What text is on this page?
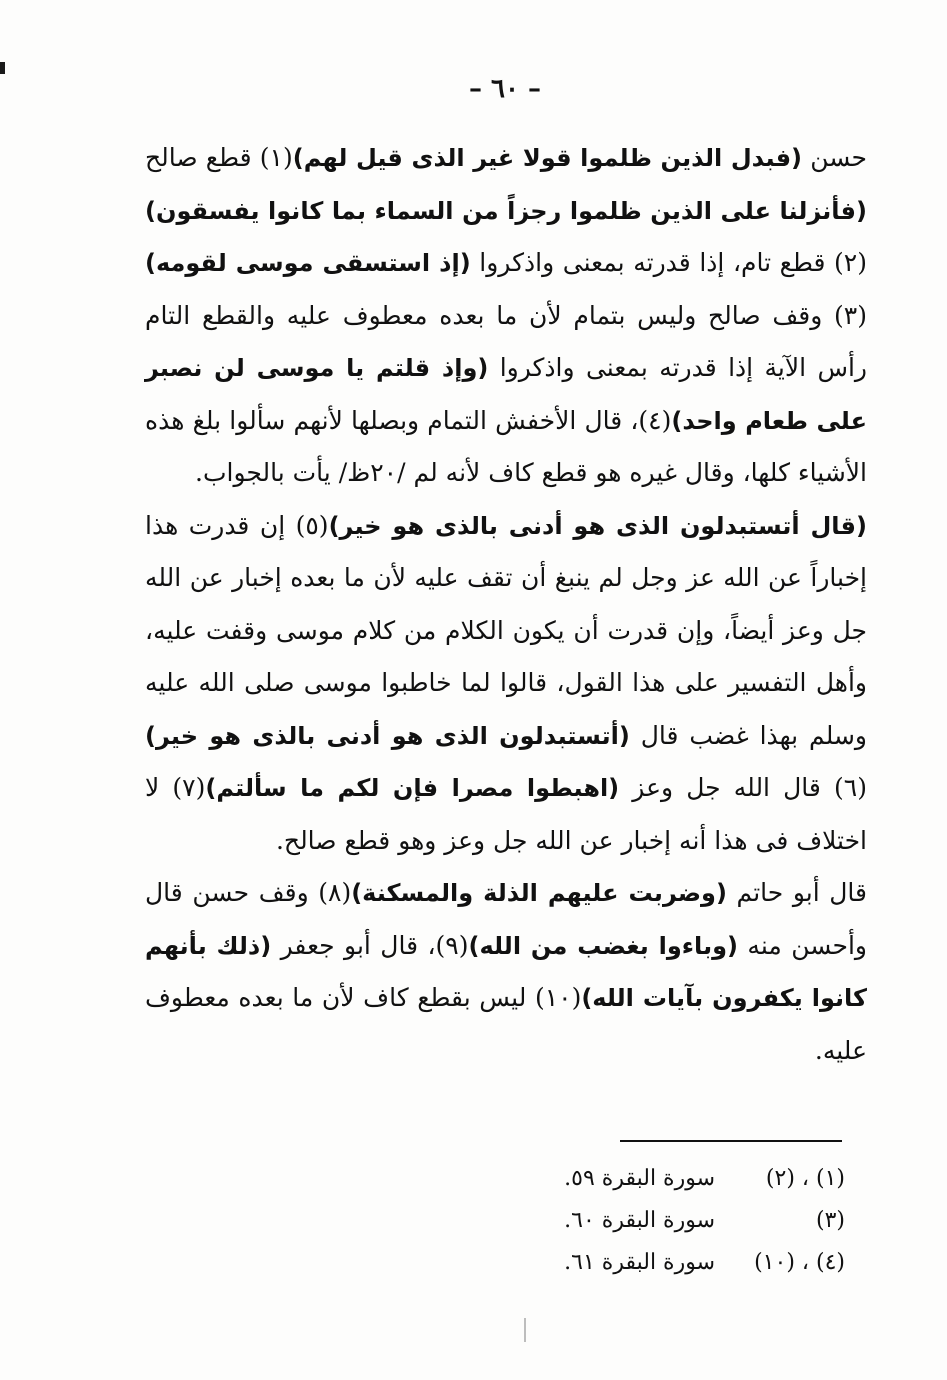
– ٦٠ –

حسن (فبدل الذين ظلموا قولا غير الذى قيل لهم)(١) قطع صالح (فأنزلنا على الذين ظلموا رجزاً من السماء بما كانوا يفسقون)(٢) قطع تام، إذا قدرته بمعنى واذكروا (إذ استسقى موسى لقومه)(٣) وقف صالح وليس بتمام لأن ما بعده معطوف عليه والقطع التام رأس الآية إذا قدرته بمعنى واذكروا (وإذ قلتم يا موسى لن نصبر على طعام واحد)(٤)، قال الأخفش التمام وبصلها لأنهم سألوا بلغ هذه الأشياء كلها، وقال غيره هو قطع كاف لأنه لم /٢٠ظ/ يأت بالجواب.

(قال أتستبدلون الذى هو أدنى بالذى هو خير)(٥) إن قدرت هذا إخباراً عن الله عز وجل لم ينبغ أن تقف عليه لأن ما بعده إخبار عن الله جل وعز أيضاً، وإن قدرت أن يكون الكلام من كلام موسى وقفت عليه، وأهل التفسير على هذا القول، قالوا لما خاطبوا موسى صلى الله عليه وسلم بهذا غضب قال (أتستبدلون الذى هو أدنى بالذى هو خير)(٦) قال الله جل وعز (اهبطوا مصرا فإن لكم ما سألتم)(٧) لا اختلاف فى هذا أنه إخبار عن الله جل وعز وهو قطع صالح.

قال أبو حاتم (وضربت عليهم الذلة والمسكنة)(٨) وقف حسن قال وأحسن منه (وباءوا بغضب من الله)(٩)، قال أبو جعفر (ذلك بأنهم كانوا يكفرون بآيات الله)(١٠) ليس بقطع كاف لأن ما بعده معطوف عليه.

(١) ، (٢)
سورة البقرة ٥٩.
(٣)
سورة البقرة ٦٠.
(٤) ، (١٠)
سورة البقرة ٦١.
